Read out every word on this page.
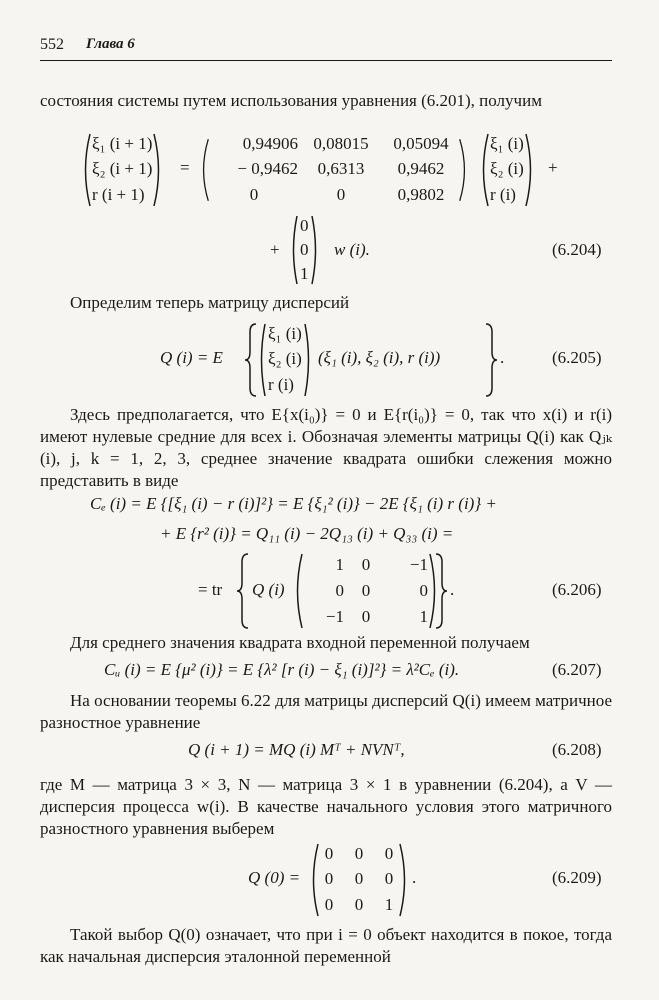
552 Глава 6
состояния системы путем использования уравнения (6.201), получим
ξ₁ (i + 1)
ξ₂ (i + 1)
r (i + 1)
=
0,94906 0,08015	0,05094
− 0,9462	0,6313	0,9462
0	0	0,9802
ξ₁ (i)
ξ₂ (i)
r (i)
+
+
0
0
1
w (i).	(6.204)
Определим теперь матрицу дисперсий
Q (i) = E
ξ₁ (i)
ξ₂ (i)
r (i)
(ξ₁ (i), ξ₂ (i), r (i))	.	(6.205)
Здесь предполагается, что E{x(i₀)} = 0 и E{r(i₀)} = 0, так что x(i) и r(i) имеют нулевые средние для всех i. Обозначая элементы матрицы Q(i) как Qⱼₖ (i), j, k = 1, 2, 3, среднее значение квадрата ошибки слежения можно представить в виде
Cₑ (i) = E {[ξ₁ (i) − r (i)]²} = E {ξ₁² (i)} − 2E {ξ₁ (i) r (i)} +
+ E {r² (i)} = Q₁₁ (i) − 2Q₁₃ (i) + Q₃₃ (i) =
= tr Q (i)
1	0	−1
0	0	0
−1	0	1
.	(6.206)
Для среднего значения квадрата входной переменной получаем
Cᵤ (i) = E {μ² (i)} = E {λ² [r (i) − ξ₁ (i)]²} = λ²Cₑ (i).	(6.207)
На основании теоремы 6.22 для матрицы дисперсий Q(i) имеем матричное разностное уравнение
Q (i + 1) = MQ (i) Mᵀ + NVNᵀ,	(6.208)
где M — матрица 3 × 3, N — матрица 3 × 1 в уравнении (6.204), а V — дисперсия процесса w(i). В качестве начального условия этого матричного разностного уравнения выберем
Q (0) =
0 0 0
0 0 0
0 0 1
.	(6.209)
Такой выбор Q(0) означает, что при i = 0 объект находится в покое, тогда как начальная дисперсия эталонной переменной
